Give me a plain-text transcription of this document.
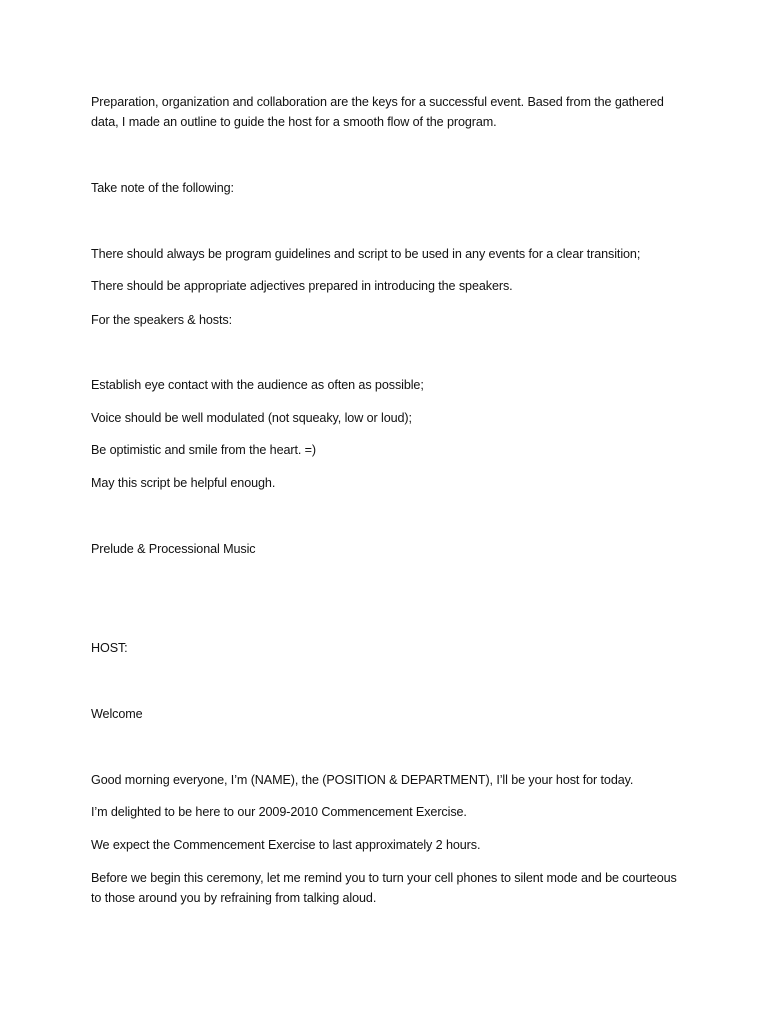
Preparation, organization and collaboration are the keys for a successful event. Based from the gathered data, I made an outline to guide the host for a smooth flow of the program.
Take note of the following:
There should always be program guidelines and script to be used in any events for a clear transition;
There should be appropriate adjectives prepared in introducing the speakers.
For the speakers & hosts:
Establish eye contact with the audience as often as possible;
Voice should be well modulated (not squeaky, low or loud);
Be optimistic and smile from the heart. =)
May this script be helpful enough.
Prelude & Processional Music
HOST:
Welcome
Good morning everyone, I’m (NAME), the (POSITION & DEPARTMENT), I’ll be your host for today.
I’m delighted to be here to our 2009-2010 Commencement Exercise.
We expect the Commencement Exercise to last approximately 2 hours.
Before we begin this ceremony, let me remind you to turn your cell phones to silent mode and be courteous to those around you by refraining from talking aloud.
